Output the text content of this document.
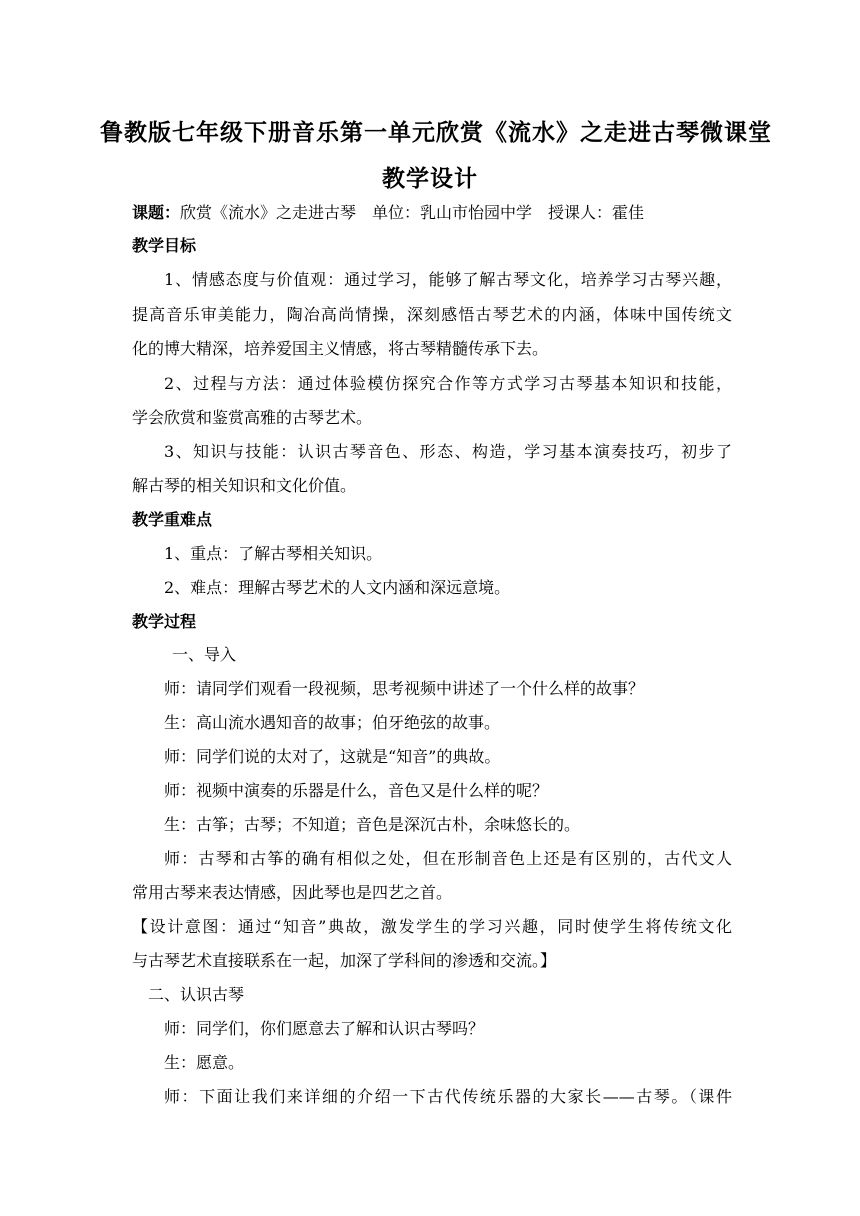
鲁教版七年级下册音乐第一单元欣赏《流水》之走进古琴微课堂
教学设计
课题：欣赏《流水》之走进古琴　单位：乳山市怡园中学　授课人：霍佳
教学目标
1、情感态度与价值观：通过学习，能够了解古琴文化，培养学习古琴兴趣，
提高音乐审美能力，陶冶高尚情操，深刻感悟古琴艺术的内涵，体味中国传统文
化的博大精深，培养爱国主义情感，将古琴精髓传承下去。
2、过程与方法：通过体验模仿探究合作等方式学习古琴基本知识和技能，
学会欣赏和鉴赏高雅的古琴艺术。
3、知识与技能：认识古琴音色、形态、构造，学习基本演奏技巧，初步了
解古琴的相关知识和文化价值。
教学重难点
1、重点：了解古琴相关知识。
2、难点：理解古琴艺术的人文内涵和深远意境。
教学过程
一、导入
师：请同学们观看一段视频，思考视频中讲述了一个什么样的故事？
生：高山流水遇知音的故事；伯牙绝弦的故事。
师：同学们说的太对了，这就是“知音”的典故。
师：视频中演奏的乐器是什么，音色又是什么样的呢？
生：古筝；古琴；不知道；音色是深沉古朴，余味悠长的。
师：古琴和古筝的确有相似之处，但在形制音色上还是有区别的，古代文人
常用古琴来表达情感，因此琴也是四艺之首。
【设计意图：通过“知音”典故，激发学生的学习兴趣，同时使学生将传统文化
与古琴艺术直接联系在一起，加深了学科间的渗透和交流。】
二、认识古琴
师：同学们，你们愿意去了解和认识古琴吗？
生：愿意。
师：下面让我们来详细的介绍一下古代传统乐器的大家长——古琴。（课件
